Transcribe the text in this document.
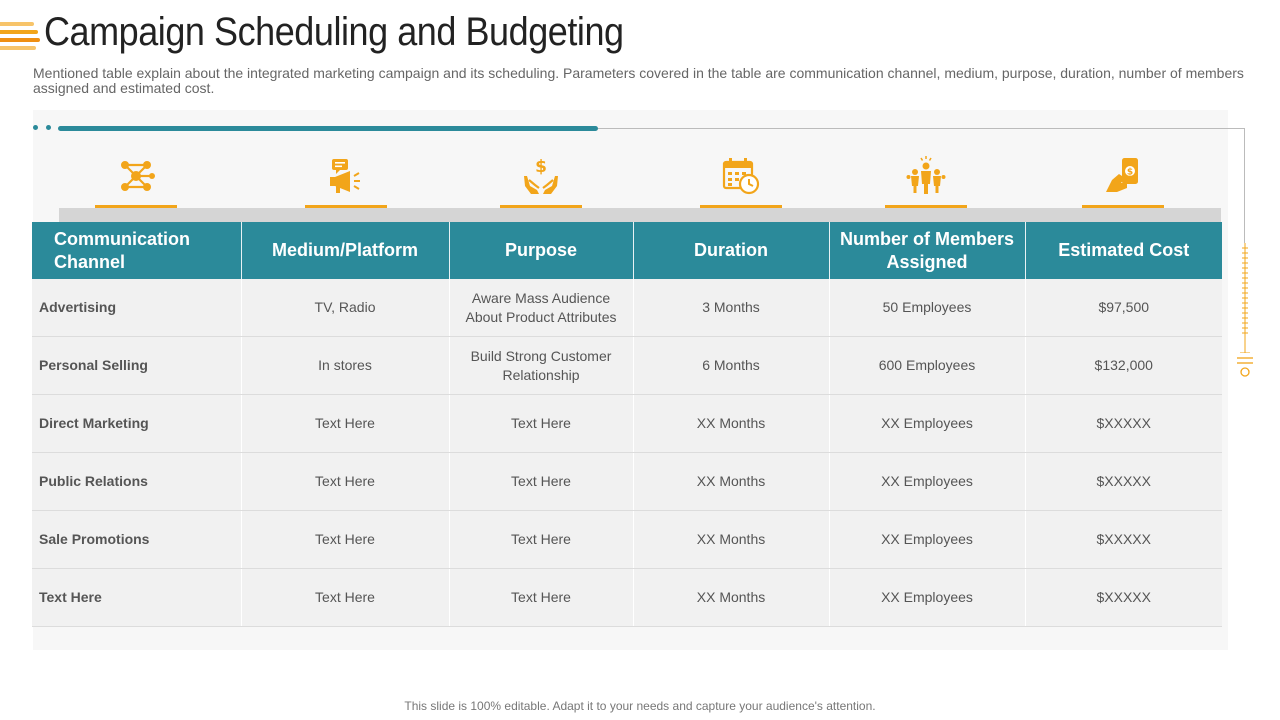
Campaign Scheduling and Budgeting

Mentioned table explain about the integrated marketing campaign and its scheduling. Parameters covered in the table are communication channel, medium, purpose, duration, number of members assigned and estimated cost.

$	$
Communication Channel	Medium/Platform	Purpose	Duration	Number of Members Assigned	Estimated Cost
Advertising	TV, Radio	Aware Mass Audience About Product Attributes	3 Months	50 Employees	$97,500
Personal Selling	In stores	Build Strong Customer Relationship	6 Months	600 Employees	$132,000
Direct Marketing	Text Here	Text Here	XX Months	XX Employees	$XXXXX
Public Relations	Text Here	Text Here	XX Months	XX Employees	$XXXXX
Sale Promotions	Text Here	Text Here	XX Months	XX Employees	$XXXXX
Text Here	Text Here	Text Here	XX Months	XX Employees	$XXXXX
This slide is 100% editable. Adapt it to your needs and capture your audience's attention.
